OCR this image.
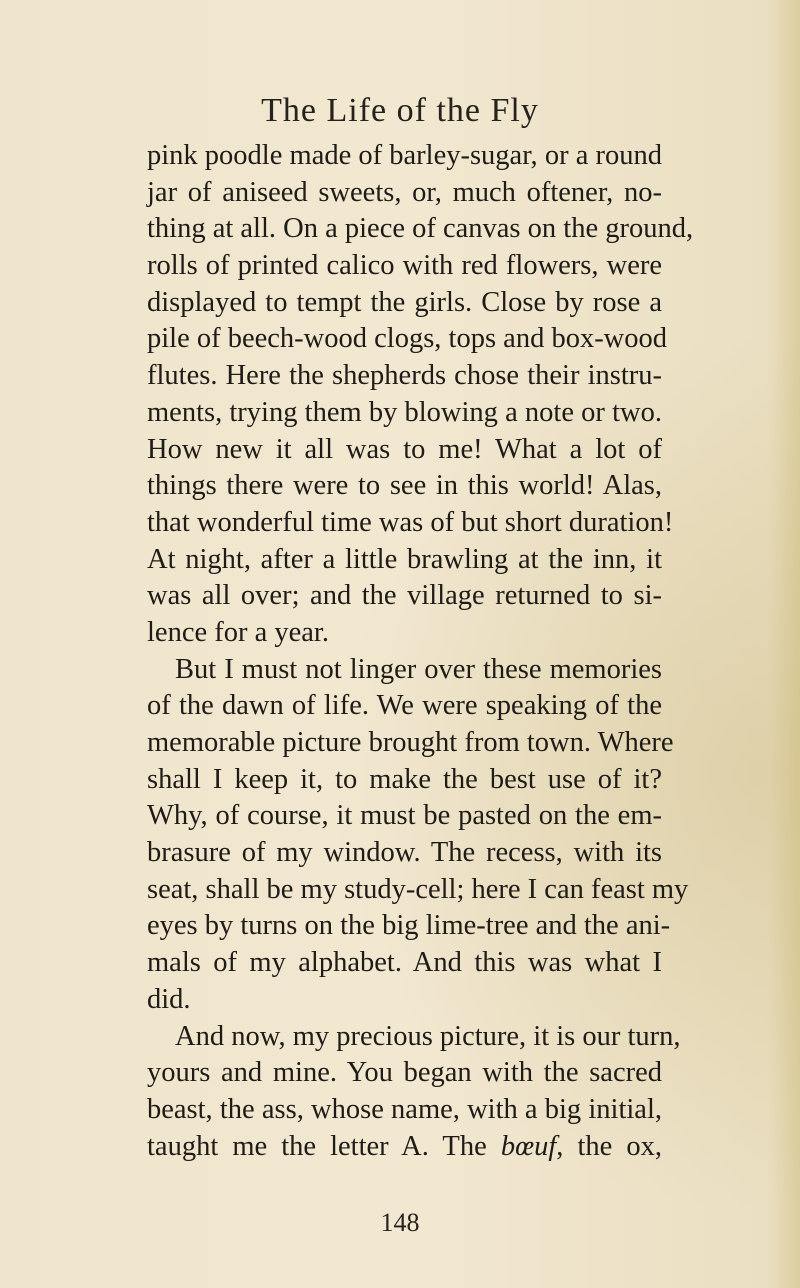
The Life of the Fly
pink poodle made of barley-sugar, or a round
jar of aniseed sweets, or, much oftener, no-
thing at all. On a piece of canvas on the ground,
rolls of printed calico with red flowers, were
displayed to tempt the girls. Close by rose a
pile of beech-wood clogs, tops and box-wood
flutes. Here the shepherds chose their instru-
ments, trying them by blowing a note or two.
How new it all was to me! What a lot of
things there were to see in this world! Alas,
that wonderful time was of but short duration!
At night, after a little brawling at the inn, it
was all over; and the village returned to si-
lence for a year.
But I must not linger over these memories
of the dawn of life. We were speaking of the
memorable picture brought from town. Where
shall I keep it, to make the best use of it?
Why, of course, it must be pasted on the em-
brasure of my window. The recess, with its
seat, shall be my study-cell; here I can feast my
eyes by turns on the big lime-tree and the ani-
mals of my alphabet. And this was what I
did.
And now, my precious picture, it is our turn,
yours and mine. You began with the sacred
beast, the ass, whose name, with a big initial,
taught me the letter A. The bœuf, the ox,
148
